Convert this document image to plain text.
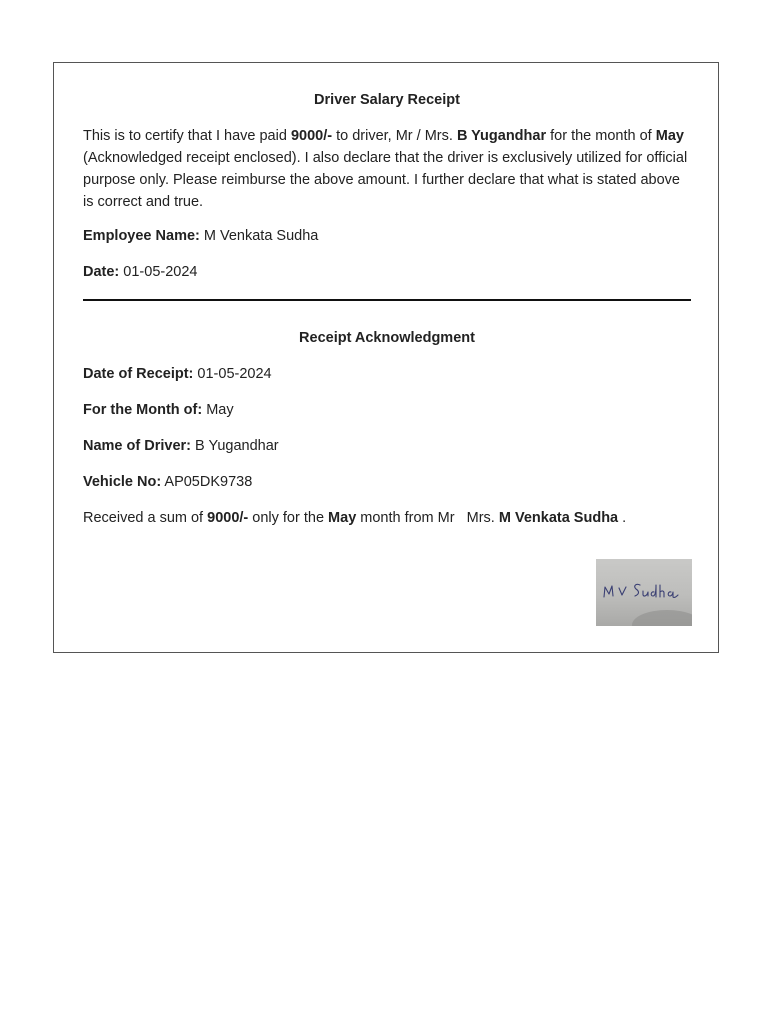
Driver Salary Receipt
This is to certify that I have paid 9000/- to driver, Mr / Mrs. B Yugandhar for the month of May (Acknowledged receipt enclosed). I also declare that the driver is exclusively utilized for official purpose only. Please reimburse the above amount. I further declare that what is stated above is correct and true.
Employee Name: M Venkata Sudha
Date: 01-05-2024
Receipt Acknowledgment
Date of Receipt: 01-05-2024
For the Month of: May
Name of Driver: B Yugandhar
Vehicle No: AP05DK9738
Received a sum of 9000/- only for the May month from Mr   Mrs. M Venkata Sudha .
